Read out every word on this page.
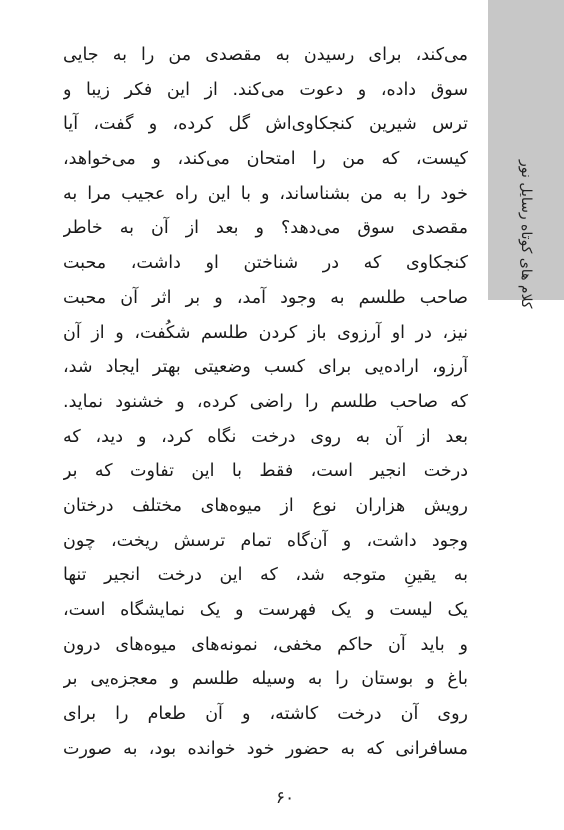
رسایل نور
کلام های کوتاه
می‌کند، برای رسیدن به مقصدی من را به جایی
سوق داده، و دعوت می‌کند. از این فکر زیبا و
ترس شیرین کنجکاوی‌اش گل کرده، و گفت، آیا
کیست، که من را امتحان می‌کند، و می‌خواهد،
خود را به من بشناساند، و با این راه عجیب مرا به
مقصدی سوق می‌دهد؟ و بعد از آن به خاطر
کنجکاوی که در شناختن او داشت، محبت
صاحب طلسم به وجود آمد، و بر اثر آن محبت
نیز، در او آرزوی باز کردن طلسم شکُفت، و از آن
آرزو، اراده‌یی برای کسب وضعیتی بهتر ایجاد شد،
که صاحب طلسم را راضی کرده، و خشنود نماید.
بعد از آن به روی درخت نگاه کرد، و دید، که
درخت انجیر است، فقط با این تفاوت که بر
رویش هزاران نوع از میوه‌های مختلف درختان
وجود داشت، و آن‌گاه تمام ترسش ریخت، چون
به یقینِ متوجه شد، که این درخت انجیر تنها
یک لیست و یک فهرست و یک نمایشگاه است،
و باید آن حاکم مخفی، نمونه‌های میوه‌های درون
باغ و بوستان را به وسیله طلسم و معجزه‌یی بر
روی آن درخت کاشته، و آن طعام را برای
مسافرانی که به حضور خود خوانده بود، به صورت
۶۰
